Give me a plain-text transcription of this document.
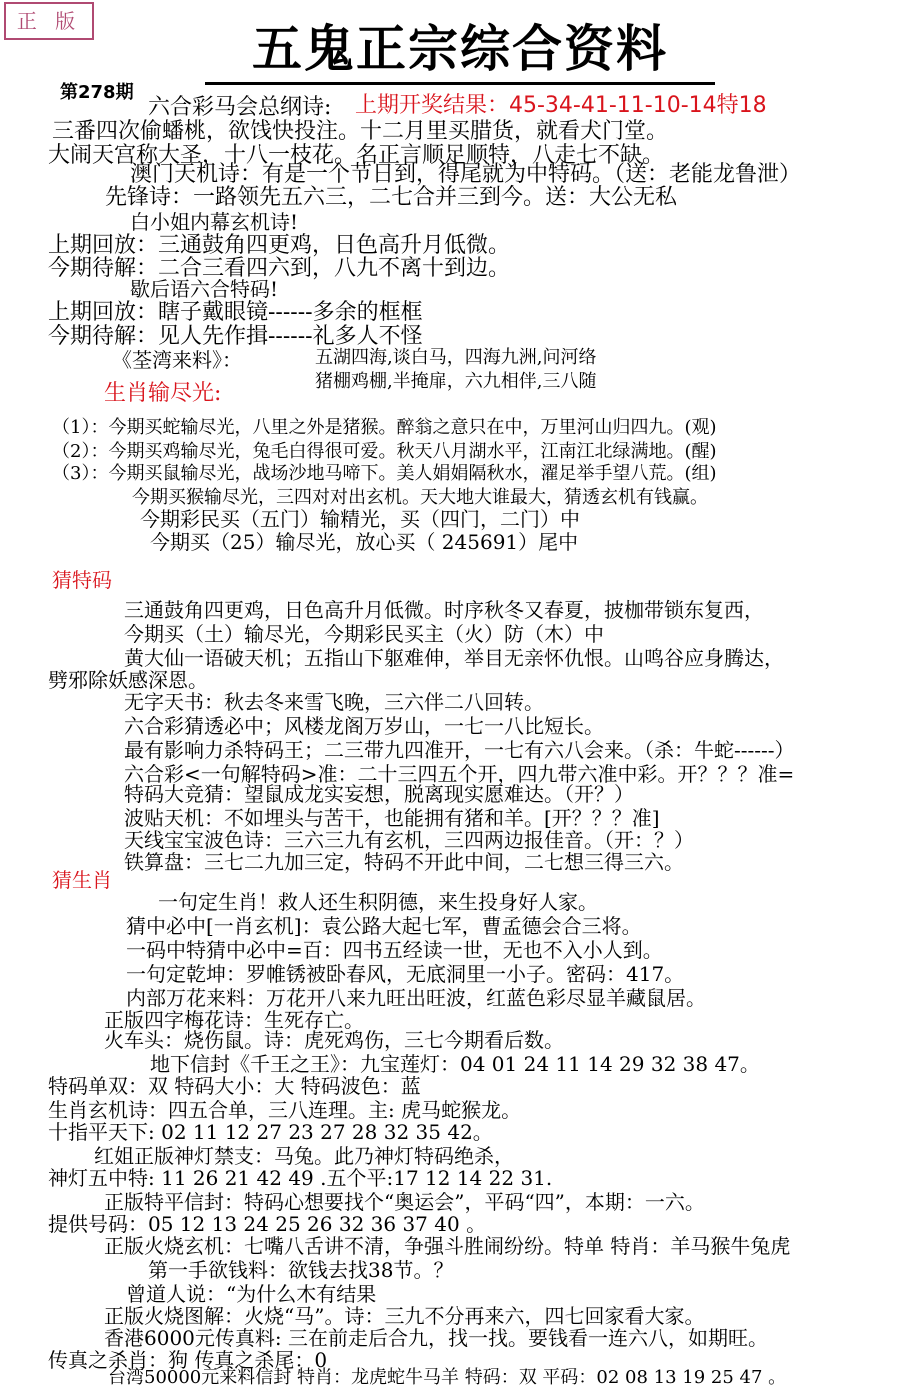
正 版	五鬼正宗综合资料
第278期
六合彩马会总纲诗: 上期开奖结果：45-34-41-11-10-14特18
三番四次偷蟠桃，欲饯快投注。十二月里买腊货，就看犬门堂。
大闹天宫称大圣，十八一枝花。名正言顺足顺特，八走七不缺。
澳门天机诗：有是一个节日到，得尾就为中特码。（送：老能龙鲁泄）
先锋诗：一路领先五六三，二七合并三到今。送：大公无私
白小姐内幕玄机诗!
上期回放：三通鼓角四更鸡，日色高升月低微。
今期待解：二合三看四六到，八九不离十到边。
歇后语六合特码!
上期回放：瞎子戴眼镜------多余的框框
今期待解：见人先作揖------礼多人不怪
《荃湾来料》：	五湖四海,谈白马，四海九洲,问河络
猪棚鸡棚,半掩扉，六九相伴,三八随
生肖输尽光:
（1）：今期买蛇输尽光，八里之外是猪猴。醉翁之意只在中，万里河山归四九。(观)
（2）：今期买鸡输尽光，兔毛白得很可爱。秋天八月湖水平，江南江北绿满地。(醒)
（3）：今期买鼠输尽光，战场沙地马啼下。美人娟娟隔秋水，濯足举手望八荒。(组)
今期买猴输尽光，三四对对出玄机。天大地大谁最大，猜透玄机有钱赢。
今期彩民买（五门）输精光，买（四门，二门）中
今期买（25）输尽光，放心买（ 245691）尾中
猜特码
三通鼓角四更鸡，日色高升月低微。时序秋冬又春夏，披枷带锁东复西，
今期买（土）输尽光，今期彩民买主（火）防（木）中
黄大仙一语破天机；五指山下躯难伸，举目无亲怀仇恨。山鸣谷应身腾达，
劈邪除妖感深恩。
无字天书：秋去冬来雪飞晚，三六伴二八回转。
六合彩猜透必中；风楼龙阁万岁山，一七一八比短长。
最有影响力杀特码王；二三带九四准开，一七有六八会来。（杀：牛蛇------）
六合彩<一句解特码>准：二十三四五个开，四九带六准中彩。开？？？准=
特码大竞猜：望鼠成龙实妄想，脱离现实愿难达。（开？）
波贴天机：不如埋头与苦干，也能拥有猪和羊。[开？？？准]
天线宝宝波色诗：三六三九有玄机，三四两边报佳音。（开：？）
铁算盘：三七二九加三定，特码不开此中间，二七想三得三六。
猜生肖
一句定生肖！救人还生积阴德，来生投身好人家。
猜中必中[一肖玄机]：袁公路大起七军，曹孟德会合三将。
一码中特猜中必中=百：四书五经读一世，无也不入小人到。
一句定乾坤：罗帷锈被卧春风，无底洞里一小子。密码：417。
内部万花来料：万花开八来九旺出旺波，红蓝色彩尽显羊藏鼠居。
正版四字梅花诗：生死存亡。
火车头：烧伤鼠。诗：虎死鸡伤，三七今期看后数。
地下信封《千王之王》：九宝莲灯：04 01 24 11 14 29 32 38 47。
特码单双：双 特码大小：大 特码波色：蓝
生肖玄机诗：四五合单，三八连理。主: 虎马蛇猴龙。
十指平天下: 02 11 12 27 23 27 28 32 35 42。
红姐正版神灯禁支：马兔。此乃神灯特码绝杀，
神灯五中特: 11 26 21 42 49 .五个平:17 12 14 22 31.
正版特平信封：特码心想要找个“奥运会”，平码“四”，本期：一六。
提供号码：05 12 13 24 25 26 32 36 37 40 。
正版火烧玄机：七嘴八舌讲不清，争强斗胜闹纷纷。特单 特肖：羊马猴牛兔虎
第一手欲钱料：欲钱去找38节。？
曾道人说：“为什么木有结果
正版火烧图解：火烧“马”。诗：三九不分再来六，四七回家看大家。
香港6000元传真料: 三在前走后合九，找一找。要钱看一连六八，如期旺。
传真之杀肖：狗 传真之杀尾：0
台湾50000元来料信封 特肖：龙虎蛇牛马羊 特码：双 平码：02 08 13 19 25 47 。
